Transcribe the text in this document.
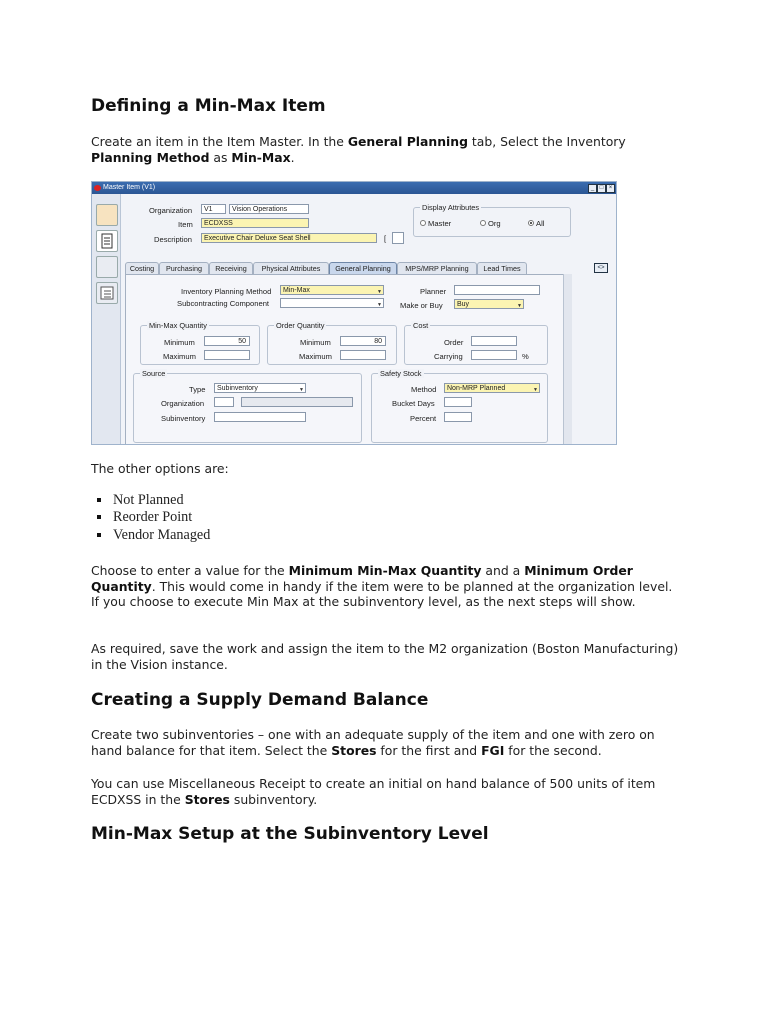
Defining a Min-Max Item
Create an item in the Item Master. In the General Planning tab, Select the Inventory Planning Method as Min-Max.
The other options are:
Not Planned
Reorder Point
Vendor Managed
Choose to enter a value for the Minimum Min-Max Quantity and a Minimum Order Quantity. This would come in handy if the item were to be planned at the organization level. If you choose to execute Min Max at the subinventory level, as the next steps will show.
As required, save the work and assign the item to the M2 organization (Boston Manufacturing) in the Vision instance.
Creating a Supply Demand Balance
Create two subinventories – one with an adequate supply of the item and one with zero on hand balance for that item. Select the Stores for the first and FGI for the second.
You can use Miscellaneous Receipt to create an initial on hand balance of 500 units of item ECDXSS in the Stores subinventory.
Min-Max Setup at the Subinventory Level
Master Item (V1)	_ □ ×
Organization	V1	Vision Operations
Item	ECDXSS
Description	Executive Chair Deluxe Seat Shell	[
Display Attributes
Master	Org	All
Costing	Purchasing	Receiving	Physical Attributes	General Planning	MPS/MRP Planning	Lead Times	<>
Inventory Planning Method	Min-Max	▼
Subcontracting Component	▼
Planner
Make or Buy	Buy	▼
Min-Max Quantity
Minimum	50
Maximum
Order Quantity
Minimum	80
Maximum
Cost
Order
Carrying	%
Source
Type	Subinventory	▼
Organization
Subinventory
Safety Stock
Method	Non-MRP Planned	▼
Bucket Days
Percent
